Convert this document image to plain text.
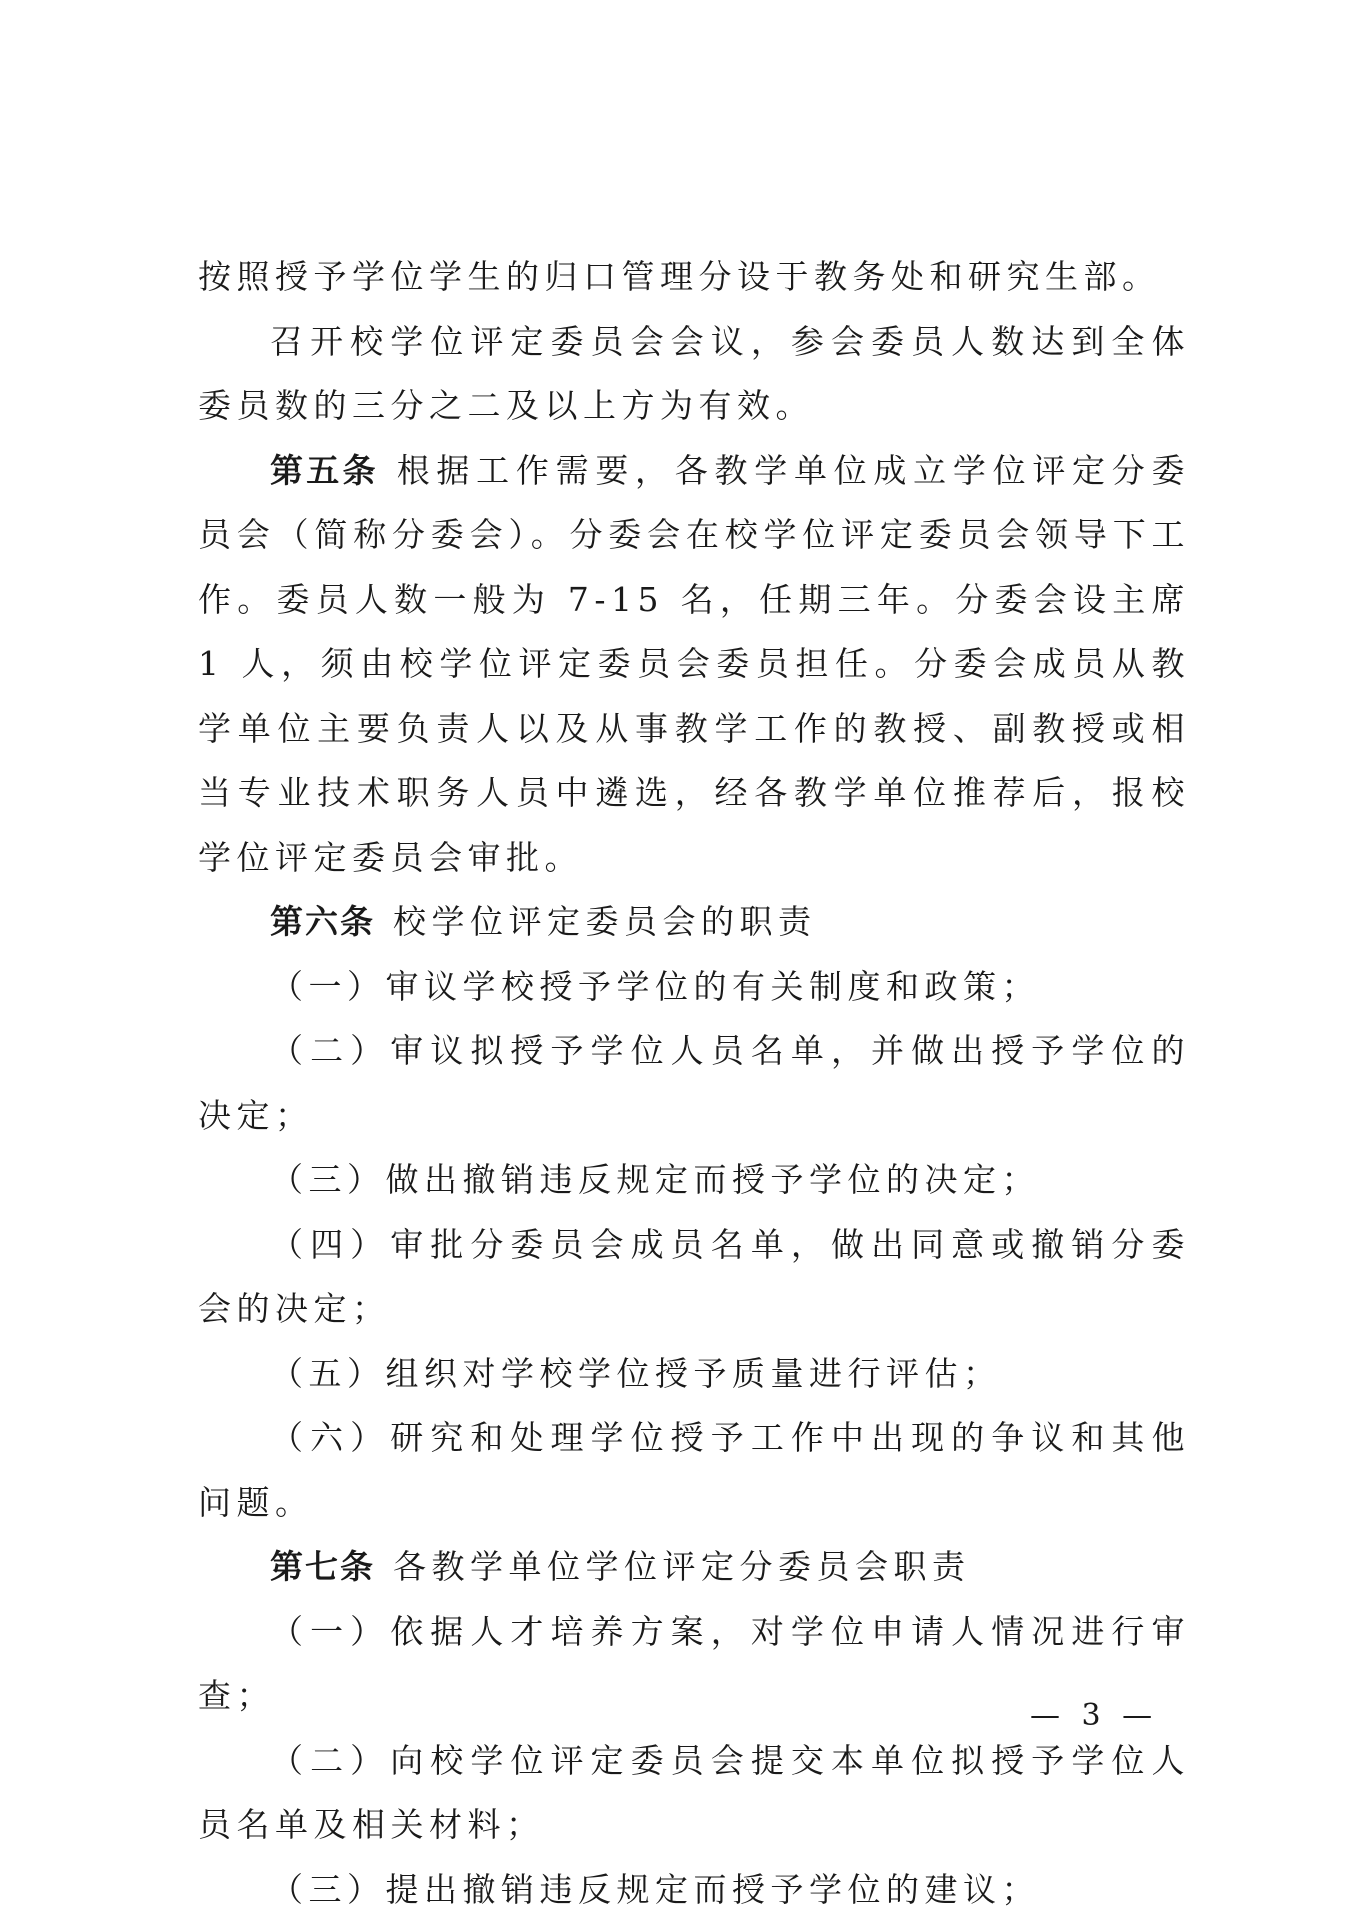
按照授予学位学生的归口管理分设于教务处和研究生部。

召开校学位评定委员会会议，参会委员人数达到全体委员数的三分之二及以上方为有效。

第五条 根据工作需要，各教学单位成立学位评定分委员会（简称分委会）。分委会在校学位评定委员会领导下工作。委员人数一般为 7-15 名，任期三年。分委会设主席 1 人，须由校学位评定委员会委员担任。分委会成员从教学单位主要负责人以及从事教学工作的教授、副教授或相当专业技术职务人员中遴选，经各教学单位推荐后，报校学位评定委员会审批。

第六条 校学位评定委员会的职责

（一）审议学校授予学位的有关制度和政策；

（二）审议拟授予学位人员名单，并做出授予学位的决定；

（三）做出撤销违反规定而授予学位的决定；

（四）审批分委员会成员名单，做出同意或撤销分委会的决定；

（五）组织对学校学位授予质量进行评估；

（六）研究和处理学位授予工作中出现的争议和其他问题。

第七条 各教学单位学位评定分委员会职责

（一）依据人才培养方案，对学位申请人情况进行审查；

（二）向校学位评定委员会提交本单位拟授予学位人员名单及相关材料；

（三）提出撤销违反规定而授予学位的建议；

— 3 —
